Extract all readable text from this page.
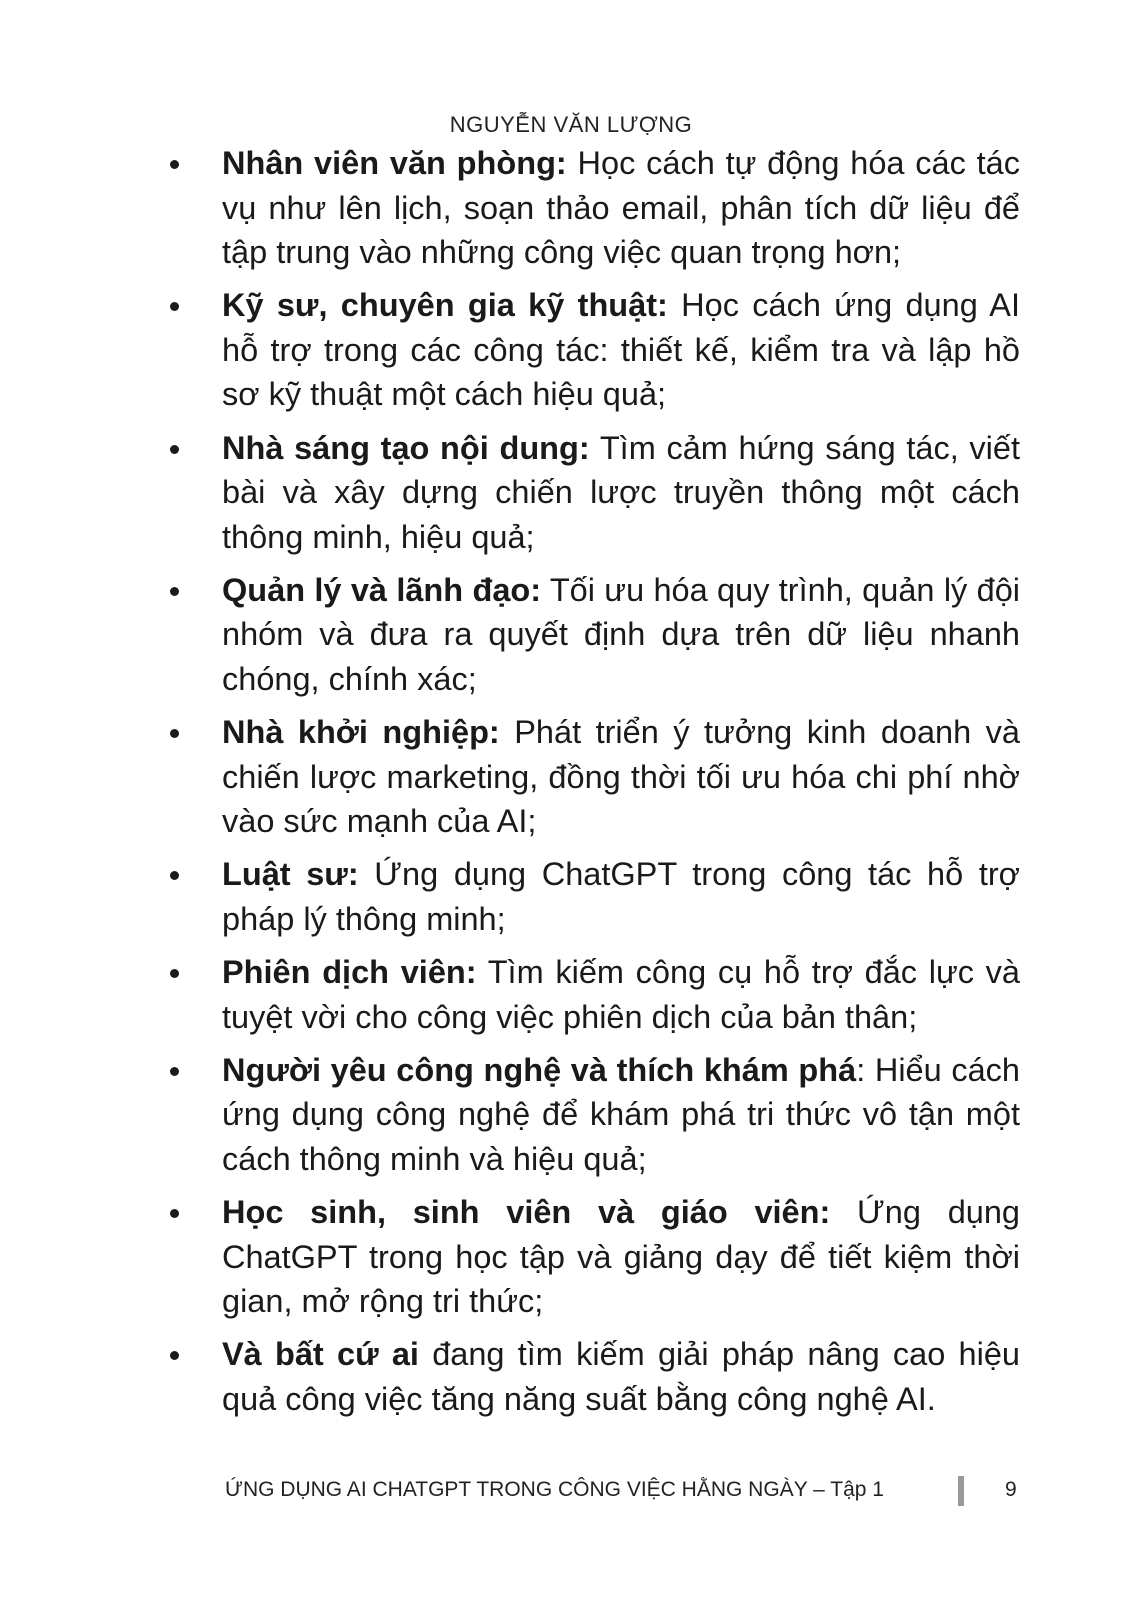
NGUYỄN VĂN LƯỢNG
Nhân viên văn phòng: Học cách tự động hóa các tác vụ như lên lịch, soạn thảo email, phân tích dữ liệu để tập trung vào những công việc quan trọng hơn;
Kỹ sư, chuyên gia kỹ thuật: Học cách ứng dụng AI hỗ trợ trong các công tác: thiết kế, kiểm tra và lập hồ sơ kỹ thuật một cách hiệu quả;
Nhà sáng tạo nội dung: Tìm cảm hứng sáng tác, viết bài và xây dựng chiến lược truyền thông một cách thông minh, hiệu quả;
Quản lý và lãnh đạo: Tối ưu hóa quy trình, quản lý đội nhóm và đưa ra quyết định dựa trên dữ liệu nhanh chóng, chính xác;
Nhà khởi nghiệp: Phát triển ý tưởng kinh doanh và chiến lược marketing, đồng thời tối ưu hóa chi phí nhờ vào sức mạnh của AI;
Luật sư: Ứng dụng ChatGPT trong công tác hỗ trợ pháp lý thông minh;
Phiên dịch viên: Tìm kiếm công cụ hỗ trợ đắc lực và tuyệt vời cho công việc phiên dịch của bản thân;
Người yêu công nghệ và thích khám phá: Hiểu cách ứng dụng công nghệ để khám phá tri thức vô tận một cách thông minh và hiệu quả;
Học sinh, sinh viên và giáo viên: Ứng dụng ChatGPT trong học tập và giảng dạy để tiết kiệm thời gian, mở rộng tri thức;
Và bất cứ ai đang tìm kiếm giải pháp nâng cao hiệu quả công việc tăng năng suất bằng công nghệ AI.
ỨNG DỤNG AI CHATGPT TRONG CÔNG VIỆC HẰNG NGÀY – Tập 1	9
